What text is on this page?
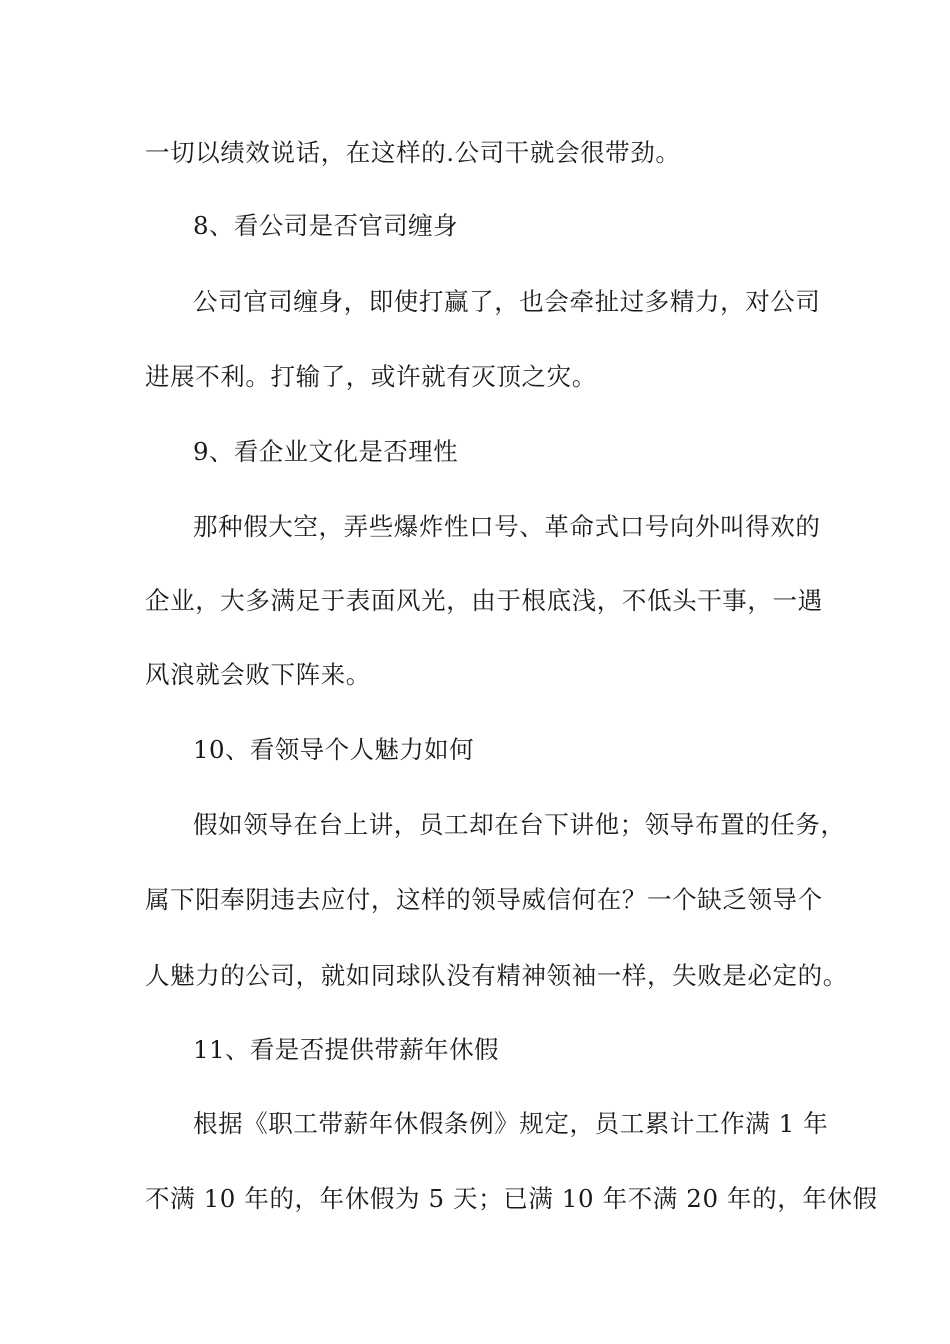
一切以绩效说话，在这样的.公司干就会很带劲。
8、看公司是否官司缠身
公司官司缠身，即使打赢了，也会牵扯过多精力，对公司
进展不利。打输了，或许就有灭顶之灾。
9、看企业文化是否理性
那种假大空，弄些爆炸性口号、革命式口号向外叫得欢的
企业，大多满足于表面风光，由于根底浅，不低头干事，一遇
风浪就会败下阵来。
10、看领导个人魅力如何
假如领导在台上讲，员工却在台下讲他；领导布置的任务，
属下阳奉阴违去应付，这样的领导威信何在？一个缺乏领导个
人魅力的公司，就如同球队没有精神领袖一样，失败是必定的。
11、看是否提供带薪年休假
根据《职工带薪年休假条例》规定，员工累计工作满 1 年
不满 10 年的，年休假为 5 天；已满 10 年不满 20 年的，年休假
